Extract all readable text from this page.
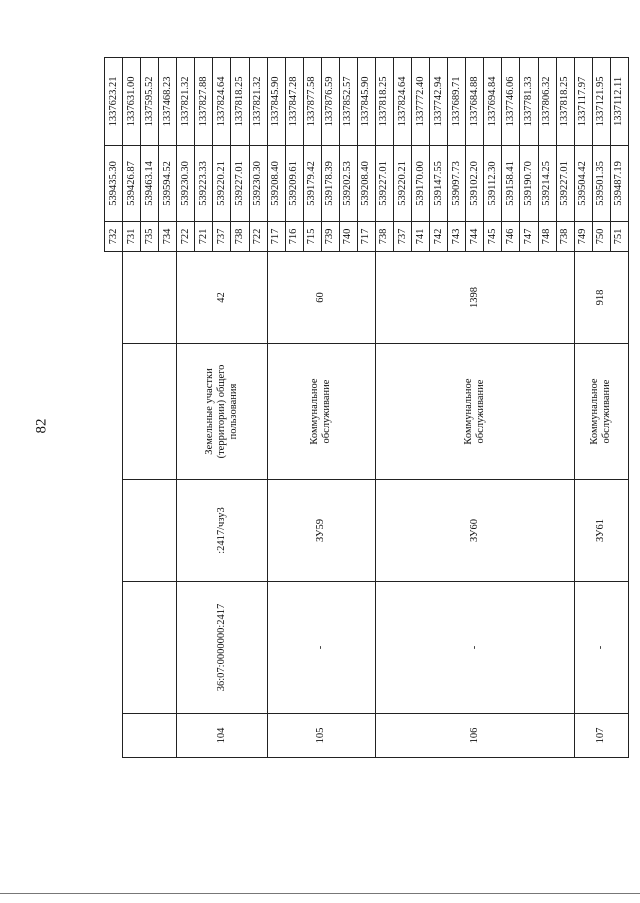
82
					732	539435.30	1337623.21
					731	539426.87	1337631.00
					735	539463.14	1337595.52
					734	539594.52	1337468.23
104	36:07:0000000:2417	:2417/чзу3	Земельные участки (территории) общего пользования	42	722	539230.30	1337821.32
					721	539223.33	1337827.88
					737	539220.21	1337824.64
					738	539227.01	1337818.25
					722	539230.30	1337821.32
105	-	ЗУ59	Коммунальное обслуживание	60	717	539208.40	1337845.90
					716	539209.61	1337847.28
					715	539179.42	1337877.58
					739	539178.39	1337876.59
					740	539202.53	1337852.57
					717	539208.40	1337845.90
106	-	ЗУ60	Коммунальное обслуживание	1398	738	539227.01	1337818.25
					737	539220.21	1337824.64
					741	539170.00	1337772.40
					742	539147.55	1337742.94
					743	539097.73	1337689.71
					744	539102.20	1337684.88
					745	539112.30	1337694.84
					746	539158.41	1337746.06
					747	539190.70	1337781.33
					748	539214.25	1337806.32
					738	539227.01	1337818.25
107	-	ЗУ61	Коммунальное обслуживание	918	749	539504.42	1337117.97
					750	539501.35	1337121.95
					751	539487.19	1337112.11
